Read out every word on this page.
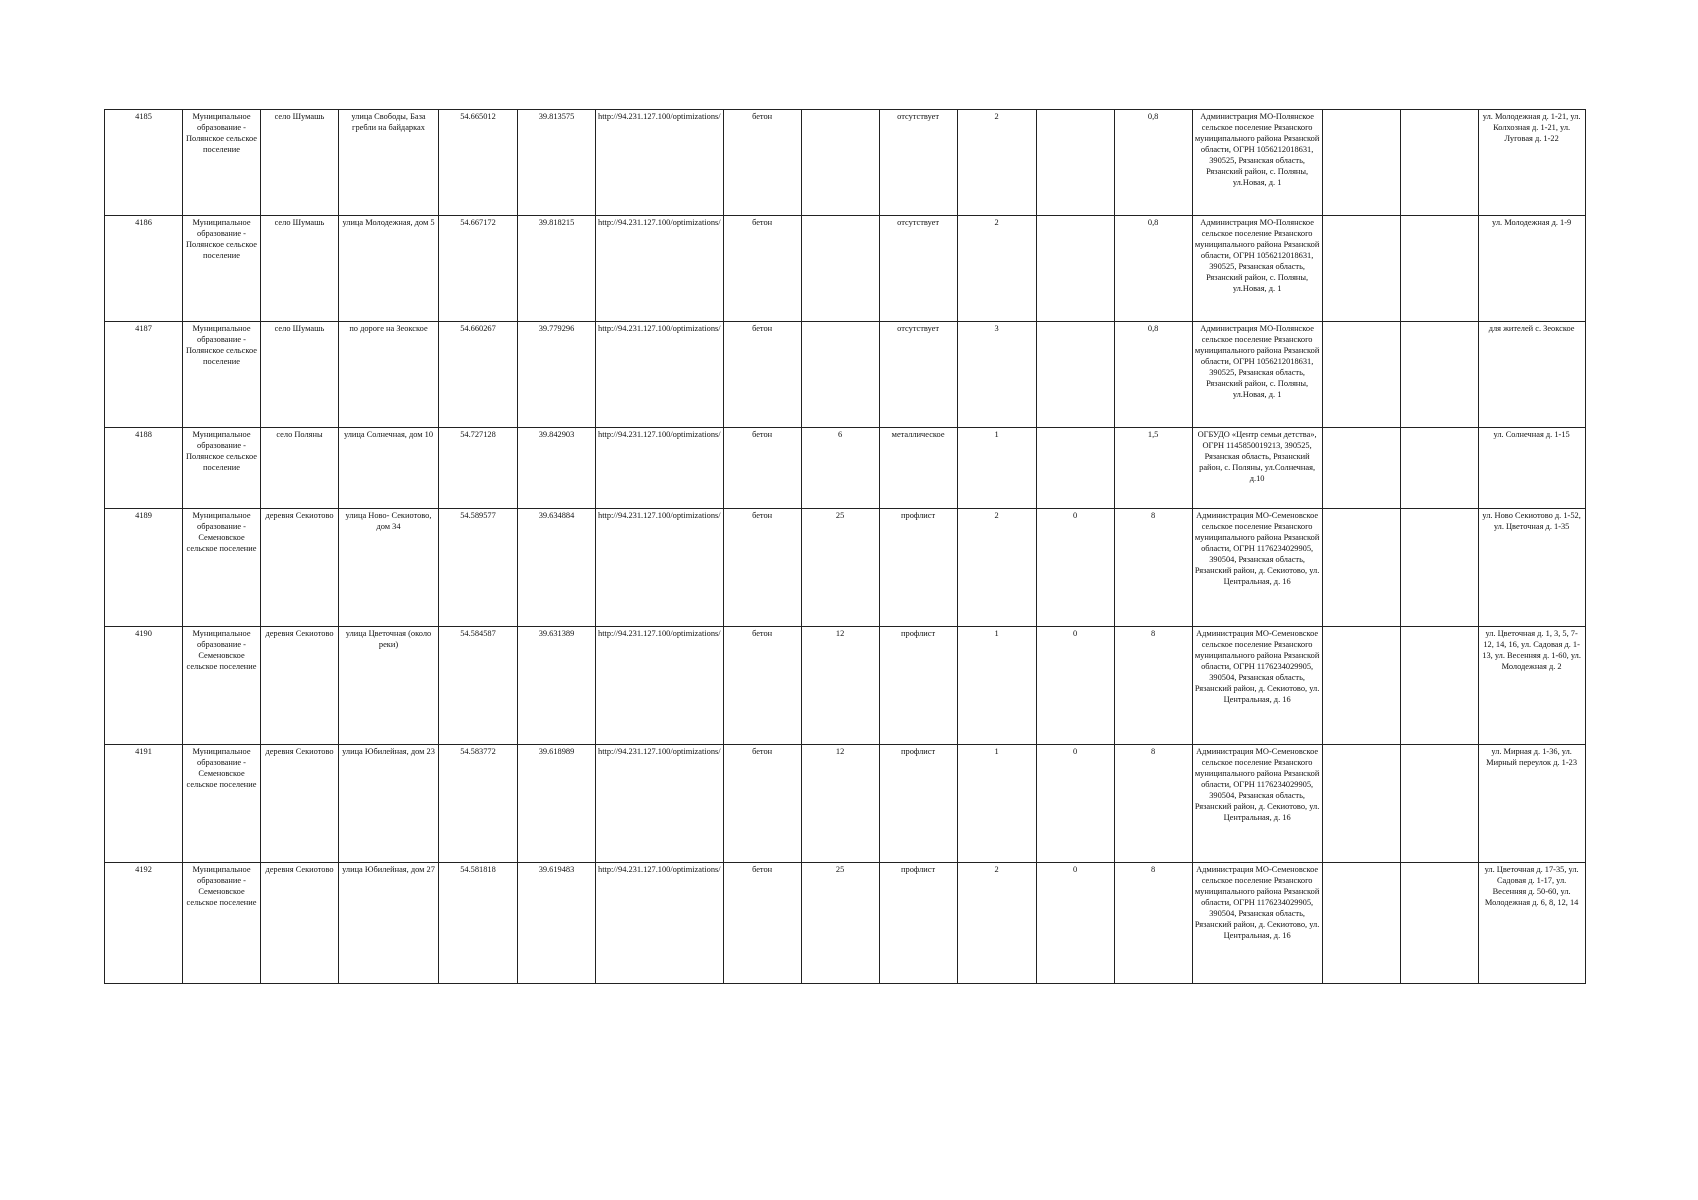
4185	Муниципальное образование - Полянское сельское поселение	село Шумашь	улица Свободы, База гребли на байдарках	54.665012	39.813575	http://94.231.127.100/optimizations/	бетон		отсутствует	2		0,8	Администрация МО-Полянское сельское поселение Рязанского муниципального района Рязанской области, ОГРН 1056212018631, 390525, Рязанская область, Рязанский район, с. Поляны, ул.Новая, д. 1			ул. Молодежная д. 1-21, ул. Колхозная д. 1-21, ул. Луговая д. 1-22
4186	Муниципальное образование - Полянское сельское поселение	село Шумашь	улица Молодежная, дом 5	54.667172	39.818215	http://94.231.127.100/optimizations/	бетон		отсутствует	2		0,8	Администрация МО-Полянское сельское поселение Рязанского муниципального района Рязанской области, ОГРН 1056212018631, 390525, Рязанская область, Рязанский район, с. Поляны, ул.Новая, д. 1			ул. Молодежная д. 1-9
4187	Муниципальное образование - Полянское сельское поселение	село Шумашь	по дороге на Зеокское	54.660267	39.779296	http://94.231.127.100/optimizations/	бетон		отсутствует	3		0,8	Администрация МО-Полянское сельское поселение Рязанского муниципального района Рязанской области, ОГРН 1056212018631, 390525, Рязанская область, Рязанский район, с. Поляны, ул.Новая, д. 1			для жителей с. Зеокское
4188	Муниципальное образование - Полянское сельское поселение	село Поляны	улица Солнечная, дом 10	54.727128	39.842903	http://94.231.127.100/optimizations/	бетон	6	металлическое	1		1,5	ОГБУДО «Центр семьи детства», ОГРН 1145850019213, 390525, Рязанская область, Рязанский район, с. Поляны, ул.Солнечная, д.10			ул. Солнечная д. 1-15
4189	Муниципальное образование - Семеновское сельское поселение	деревня Секиотово	улица Ново- Секиотово, дом 34	54.589577	39.634884	http://94.231.127.100/optimizations/	бетон	25	профлист	2	0	8	Администрация МО-Семеновское сельское поселение Рязанского муниципального района Рязанской области, ОГРН 1176234029905, 390504, Рязанская область, Рязанский район, д. Секиотово, ул. Центральная, д. 16			ул. Ново Секиотово д. 1-52, ул. Цветочная д. 1-35
4190	Муниципальное образование - Семеновское сельское поселение	деревня Секиотово	улица Цветочная (около реки)	54.584587	39.631389	http://94.231.127.100/optimizations/	бетон	12	профлист	1	0	8	Администрация МО-Семеновское сельское поселение Рязанского муниципального района Рязанской области, ОГРН 1176234029905, 390504, Рязанская область, Рязанский район, д. Секиотово, ул. Центральная, д. 16			ул. Цветочная д. 1, 3, 5, 7-12, 14, 16, ул. Садовая д. 1-13, ул. Весенняя д. 1-60, ул. Молодежная д. 2
4191	Муниципальное образование - Семеновское сельское поселение	деревня Секиотово	улица Юбилейная, дом 23	54.583772	39.618989	http://94.231.127.100/optimizations/	бетон	12	профлист	1	0	8	Администрация МО-Семеновское сельское поселение Рязанского муниципального района Рязанской области, ОГРН 1176234029905, 390504, Рязанская область, Рязанский район, д. Секиотово, ул. Центральная, д. 16			ул. Мирная д. 1-36, ул. Мирный переулок д. 1-23
4192	Муниципальное образование - Семеновское сельское поселение	деревня Секиотово	улица Юбилейная, дом 27	54.581818	39.619483	http://94.231.127.100/optimizations/	бетон	25	профлист	2	0	8	Администрация МО-Семеновское сельское поселение Рязанского муниципального района Рязанской области, ОГРН 1176234029905, 390504, Рязанская область, Рязанский район, д. Секиотово, ул. Центральная, д. 16			ул. Цветочная д. 17-35, ул. Садовая д. 1-17, ул. Весенняя д. 50-60, ул. Молодежная д. 6, 8, 12, 14
